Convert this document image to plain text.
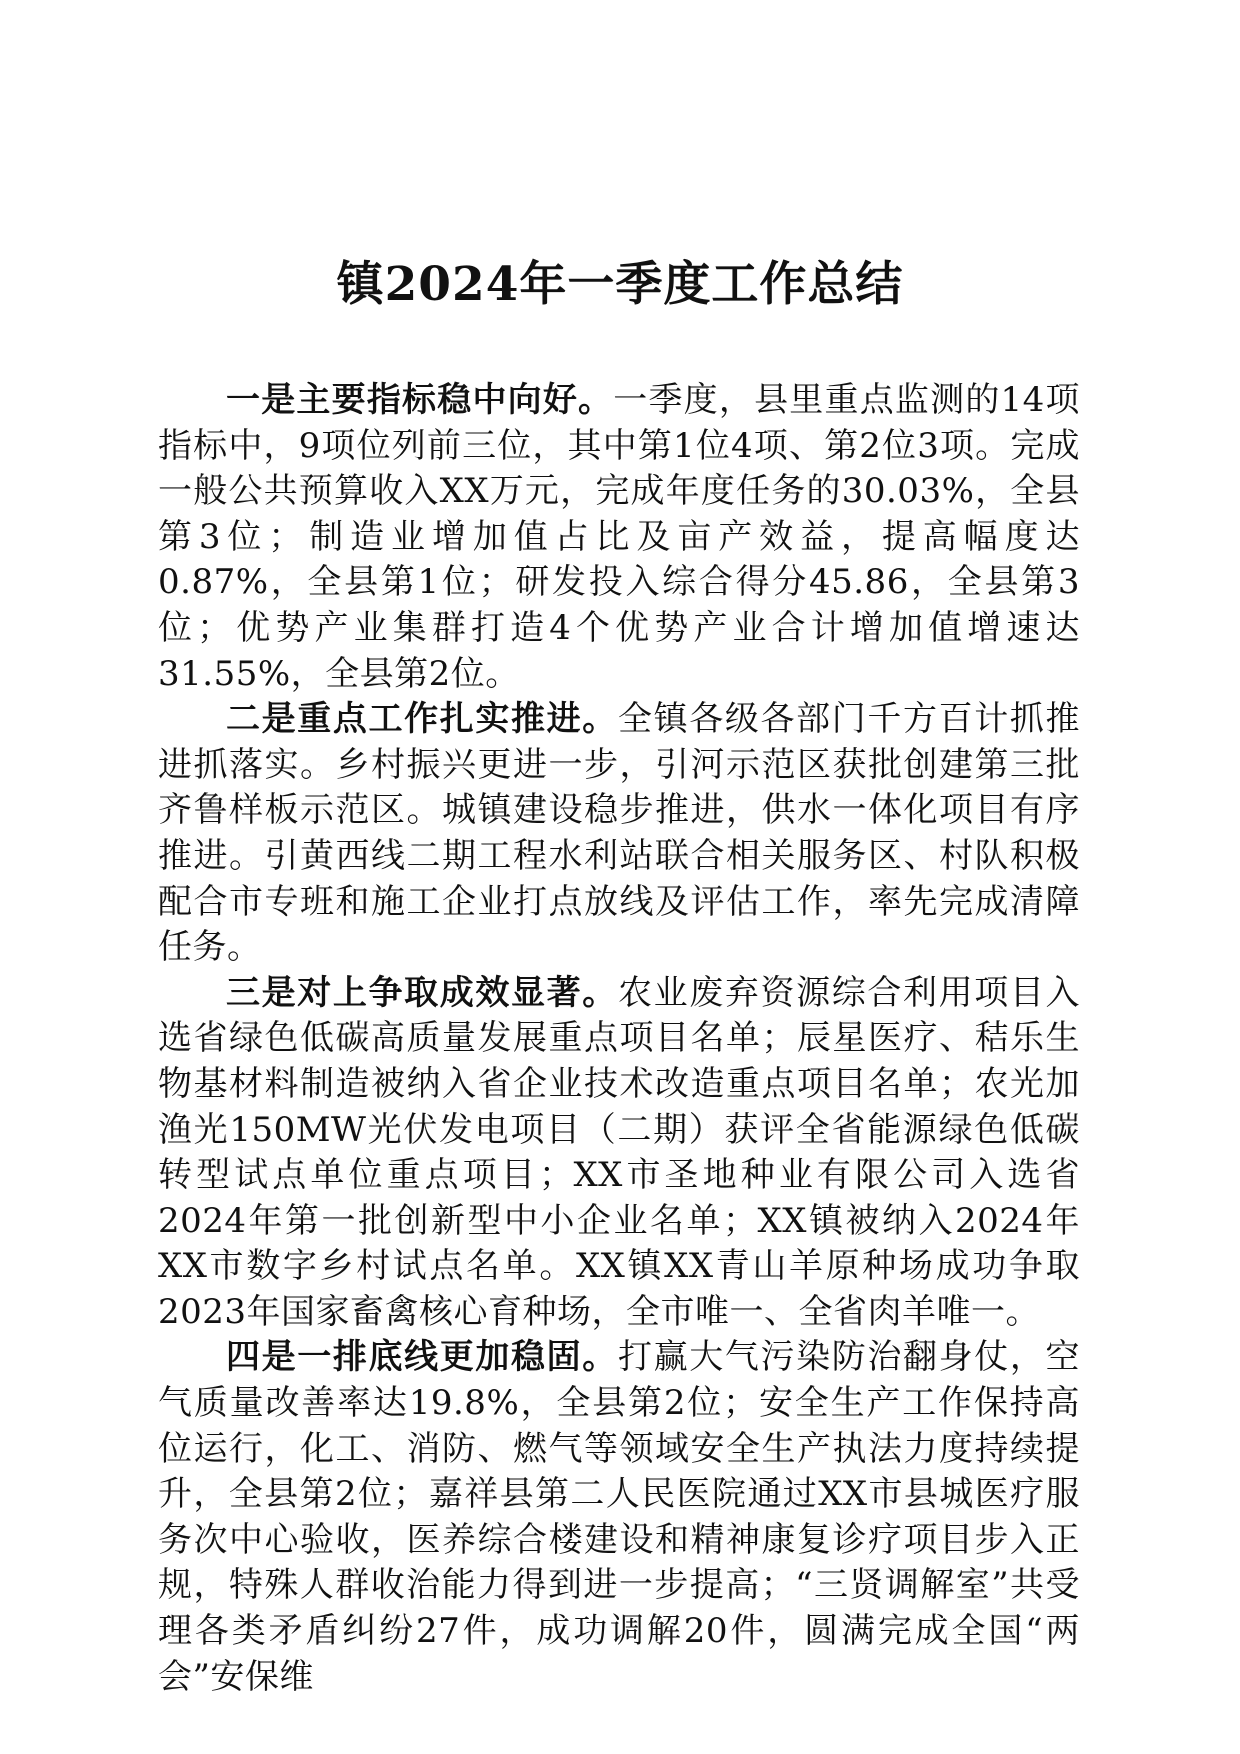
镇2024年一季度工作总结

一是主要指标稳中向好。一季度，县里重点监测的14项指标中，9项位列前三位，其中第1位4项、第2位3项。完成一般公共预算收入XX万元，完成年度任务的30.03%，全县第3位；制造业增加值占比及亩产效益，提高幅度达0.87%，全县第1位；研发投入综合得分45.86，全县第3位；优势产业集群打造4个优势产业合计增加值增速达31.55%，全县第2位。

二是重点工作扎实推进。全镇各级各部门千方百计抓推进抓落实。乡村振兴更进一步，引河示范区获批创建第三批齐鲁样板示范区。城镇建设稳步推进，供水一体化项目有序推进。引黄西线二期工程水利站联合相关服务区、村队积极配合市专班和施工企业打点放线及评估工作，率先完成清障任务。

三是对上争取成效显著。农业废弃资源综合利用项目入选省绿色低碳高质量发展重点项目名单；辰星医疗、秸乐生物基材料制造被纳入省企业技术改造重点项目名单；农光加渔光150MW光伏发电项目（二期）获评全省能源绿色低碳转型试点单位重点项目；XX市圣地种业有限公司入选省2024年第一批创新型中小企业名单；XX镇被纳入2024年XX市数字乡村试点名单。XX镇XX青山羊原种场成功争取2023年国家畜禽核心育种场，全市唯一、全省肉羊唯一。

四是一排底线更加稳固。打赢大气污染防治翻身仗，空气质量改善率达19.8%，全县第2位；安全生产工作保持高位运行，化工、消防、燃气等领域安全生产执法力度持续提升，全县第2位；嘉祥县第二人民医院通过XX市县城医疗服务次中心验收，医养综合楼建设和精神康复诊疗项目步入正规，特殊人群收治能力得到进一步提高；“三贤调解室”共受理各类矛盾纠纷27件，成功调解20件，圆满完成全国“两会”安保维
